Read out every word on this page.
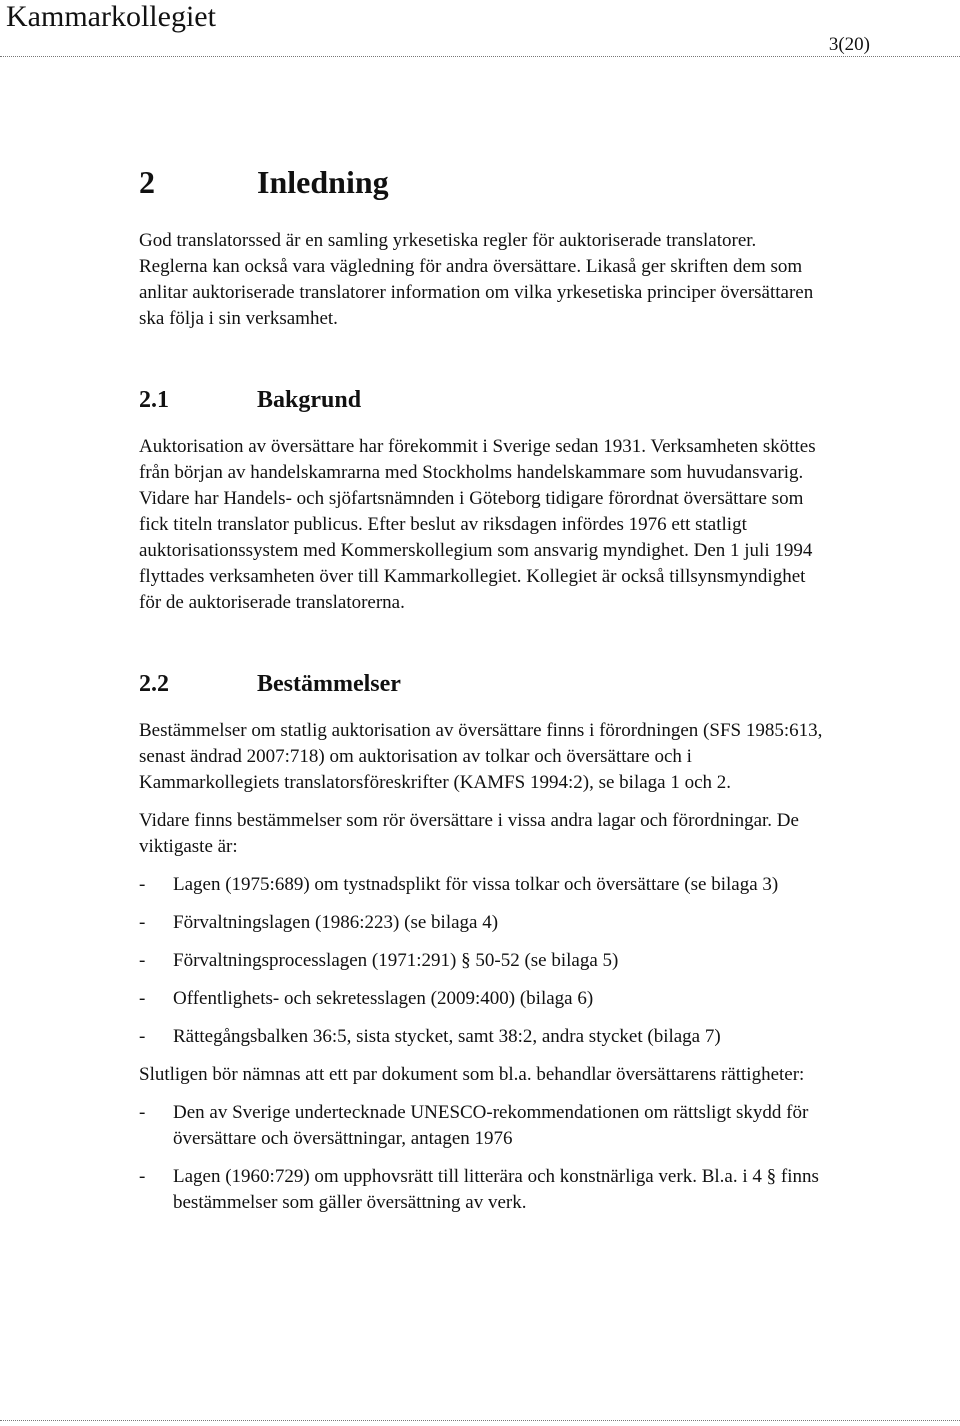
Kammarkollegiet
3(20)
2	Inledning

God translatorssed är en samling yrkesetiska regler för auktoriserade translatorer. Reglerna kan också vara vägledning för andra översättare. Likaså ger skriften dem som anlitar auktoriserade translatorer information om vilka yrkesetiska principer översättaren ska följa i sin verksamhet.

2.1	Bakgrund

Auktorisation av översättare har förekommit i Sverige sedan 1931. Verksamheten sköttes från början av handelskamrarna med Stockholms handelskammare som huvudansvarig. Vidare har Handels- och sjöfartsnämnden i Göteborg tidigare förordnat översättare som fick titeln translator publicus. Efter beslut av riksdagen infördes 1976 ett statligt auktorisationssystem med Kommerskollegium som ansvarig myndighet. Den 1 juli 1994 flyttades verksamheten över till Kammarkollegiet. Kollegiet är också tillsynsmyndighet för de auktoriserade translatorerna.

2.2	Bestämmelser

Bestämmelser om statlig auktorisation av översättare finns i förordningen (SFS 1985:613, senast ändrad 2007:718) om auktorisation av tolkar och översättare och i Kammarkollegiets translatorsföreskrifter (KAMFS 1994:2), se bilaga 1 och 2.

Vidare finns bestämmelser som rör översättare i vissa andra lagar och förordningar. De viktigaste är:

- Lagen (1975:689) om tystnadsplikt för vissa tolkar och översättare (se bilaga 3)
- Förvaltningslagen (1986:223) (se bilaga 4)
- Förvaltningsprocesslagen (1971:291) § 50-52 (se bilaga 5)
- Offentlighets- och sekretesslagen (2009:400) (bilaga 6)
- Rättegångsbalken 36:5, sista stycket, samt 38:2, andra stycket (bilaga 7)

Slutligen bör nämnas att ett par dokument som bl.a. behandlar översättarens rättigheter:

- Den av Sverige undertecknade UNESCO-rekommendationen om rättsligt skydd för översättare och översättningar, antagen 1976
- Lagen (1960:729) om upphovsrätt till litterära och konstnärliga verk. Bl.a. i 4 § finns bestämmelser som gäller översättning av verk.
